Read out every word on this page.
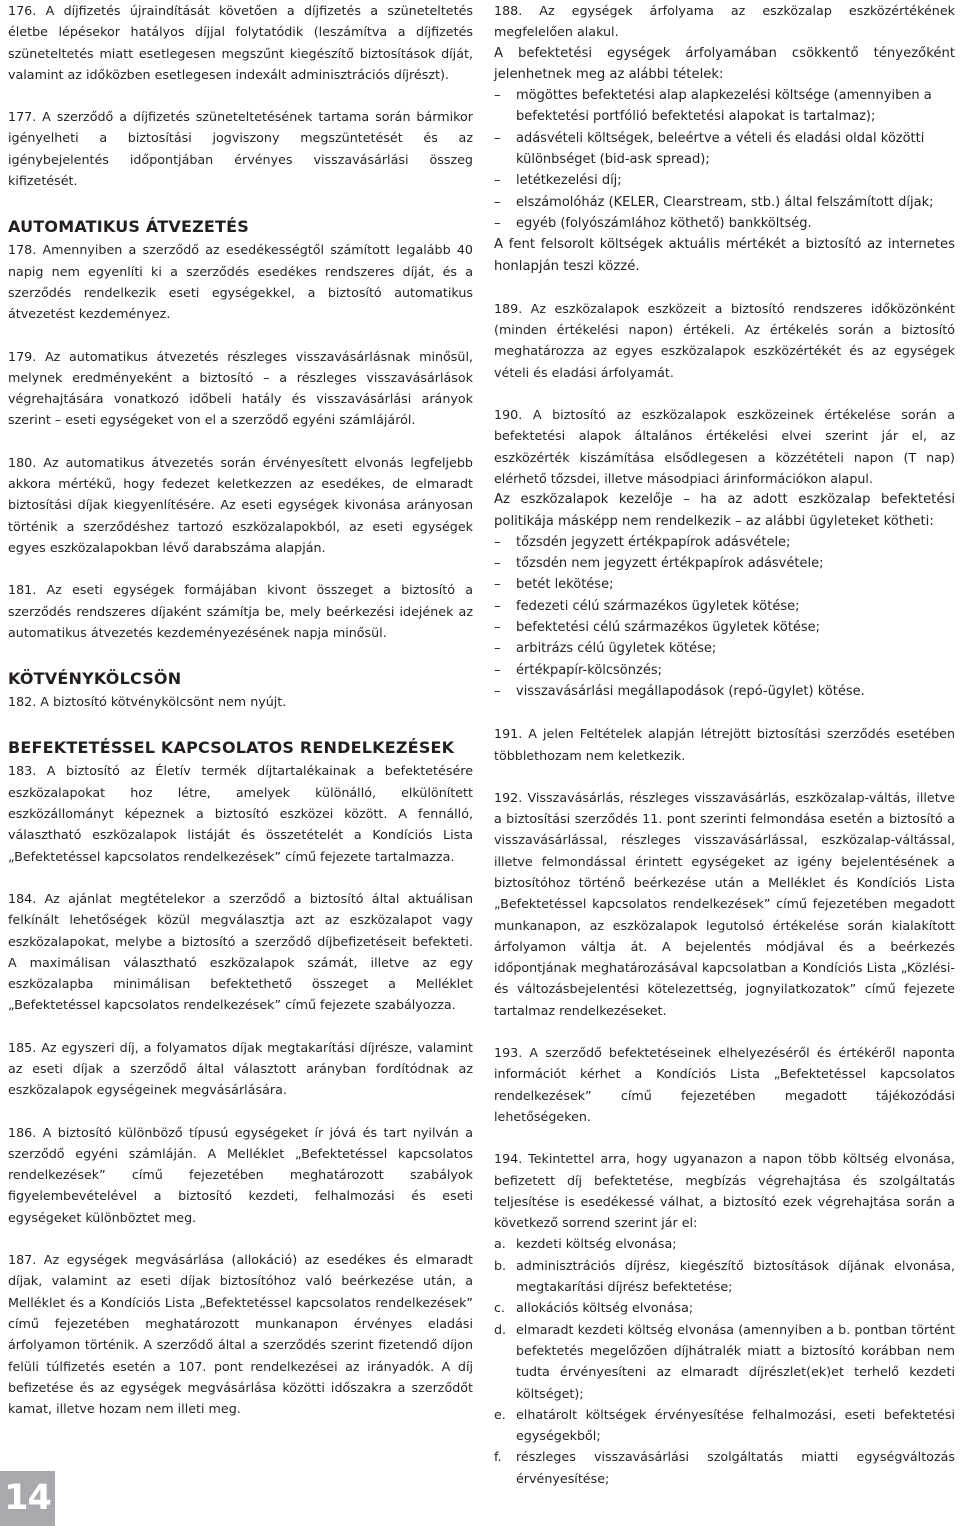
176. A díjfizetés újraindítását követően a díjfizetés a szüneteltetés életbe lépésekor hatályos díjjal folytatódik (leszámítva a díjfizetés szüneteltetés miatt esetlegesen megszűnt kiegészítő biztosítások díját, valamint az időközben esetlegesen indexált adminisztrációs díjrészt).

177. A szerződő a díjfizetés szüneteltetésének tartama során bármikor igényelheti a biztosítási jogviszony megszüntetését és az igénybejelentés időpontjában érvényes visszavásárlási összeg kifizetését.

AUTOMATIKUS ÁTVEZETÉS

178. Amennyiben a szerződő az esedékességtől számított legalább 40 napig nem egyenlíti ki a szerződés esedékes rendszeres díját, és a szerződés rendelkezik eseti egységekkel, a biztosító automatikus átvezetést kezdeményez.

179. Az automatikus átvezetés részleges visszavásárlásnak minősül, melynek eredményeként a biztosító – a részleges visszavásárlások végrehajtására vonatkozó időbeli hatály és visszavásárlási arányok szerint – eseti egységeket von el a szerződő egyéni számlájáról.

180. Az automatikus átvezetés során érvényesített elvonás legfeljebb akkora mértékű, hogy fedezet keletkezzen az esedékes, de elmaradt biztosítási díjak kiegyenlítésére. Az eseti egységek kivonása arányosan történik a szerződéshez tartozó eszközalapokból, az eseti egységek egyes eszközalapokban lévő darabszáma alapján.

181. Az eseti egységek formájában kivont összeget a biztosító a szerződés rendszeres díjaként számítja be, mely beérkezési idejének az automatikus átvezetés kezdeményezésének napja minősül.

KÖTVÉNYKÖLCSÖN

182. A biztosító kötvénykölcsönt nem nyújt.

BEFEKTETÉSSEL KAPCSOLATOS RENDELKEZÉSEK

183. A biztosító az Életív termék díjtartalékainak a befektetésére eszközalapokat hoz létre, amelyek különálló, elkülönített eszközállományt képeznek a biztosító eszközei között. A fennálló, választható eszközalapok listáját és összetételét a Kondíciós Lista „Befektetéssel kapcsolatos rendelkezések” című fejezete tartalmazza.

184. Az ajánlat megtételekor a szerződő a biztosító által aktuálisan felkínált lehetőségek közül megválasztja azt az eszközalapot vagy eszközalapokat, melybe a biztosító a szerződő díjbefizetéseit befekteti. A maximálisan választható eszközalapok számát, illetve az egy eszközalapba minimálisan befektethető összeget a Melléklet „Befektetéssel kapcsolatos rendelkezések” című fejezete szabályozza.

185. Az egyszeri díj, a folyamatos díjak megtakarítási díjrésze, valamint az eseti díjak a szerződő által választott arányban fordítódnak az eszközalapok egységeinek megvásárlására.

186. A biztosító különböző típusú egységeket ír jóvá és tart nyilván a szerződő egyéni számláján. A Melléklet „Befektetéssel kapcsolatos rendelkezések” című fejezetében meghatározott szabályok figyelembevételével a biztosító kezdeti, felhalmozási és eseti egységeket különböztet meg.

187. Az egységek megvásárlása (allokáció) az esedékes és elmaradt díjak, valamint az eseti díjak biztosítóhoz való beérkezése után, a Melléklet és a Kondíciós Lista „Befektetéssel kapcsolatos rendelkezések” című fejezetében meghatározott munkanapon érvényes eladási árfolyamon történik. A szerződő által a szerződés szerint fizetendő díjon felüli túlfizetés esetén a 107. pont rendelkezései az irányadók. A díj befizetése és az egységek megvásárlása közötti időszakra a szerződőt kamat, illetve hozam nem illeti meg.

188. Az egységek árfolyama az eszközalap eszközértékének megfelelően alakul.

A befektetési egységek árfolyamában csökkentő tényezőként jelenhetnek meg az alábbi tételek:

– mögöttes befektetési alap alapkezelési költsége (amennyiben a befektetési portfólió befektetési alapokat is tartalmaz);
– adásvételi költségek, beleértve a vételi és eladási oldal közötti különbséget (bid-ask spread);
– letétkezelési díj;
– elszámolóház (KELER, Clearstream, stb.) által felszámított díjak;
– egyéb (folyószámlához köthető) bankköltség.

A fent felsorolt költségek aktuális mértékét a biztosító az internetes honlapján teszi közzé.

189. Az eszközalapok eszközeit a biztosító rendszeres időközönként (minden értékelési napon) értékeli. Az értékelés során a biztosító meghatározza az egyes eszközalapok eszközértékét és az egységek vételi és eladási árfolyamát.

190. A biztosító az eszközalapok eszközeinek értékelése során a befektetési alapok általános értékelési elvei szerint jár el, az eszközérték kiszámítása elsődlegesen a közzétételi napon (T nap) elérhető tőzsdei, illetve másodpiaci árinformációkon alapul.

Az eszközalapok kezelője – ha az adott eszközalap befektetési politikája másképp nem rendelkezik – az alábbi ügyleteket kötheti:

– tőzsdén jegyzett értékpapírok adásvétele;
– tőzsdén nem jegyzett értékpapírok adásvétele;
– betét lekötése;
– fedezeti célú származékos ügyletek kötése;
– befektetési célú származékos ügyletek kötése;
– arbitrázs célú ügyletek kötése;
– értékpapír-kölcsönzés;
– visszavásárlási megállapodások (repó-ügylet) kötése.

191. A jelen Feltételek alapján létrejött biztosítási szerződés esetében többlethozam nem keletkezik.

192. Visszavásárlás, részleges visszavásárlás, eszközalap-váltás, illetve a biztosítási szerződés 11. pont szerinti felmondása esetén a biztosító a visszavásárlással, részleges visszavásárlással, eszközalap-váltással, illetve felmondással érintett egységeket az igény bejelentésének a biztosítóhoz történő beérkezése után a Melléklet és Kondíciós Lista „Befektetéssel kapcsolatos rendelkezések” című fejezetében megadott munkanapon, az eszközalapok legutolsó értékelése során kialakított árfolyamon váltja át. A bejelentés módjával és a beérkezés időpontjának meghatározásával kapcsolatban a Kondíciós Lista „Közlési- és változásbejelentési kötelezettség, jognyilatkozatok” című fejezete tartalmaz rendelkezéseket.

193. A szerződő befektetéseinek elhelyezéséről és értékéről naponta információt kérhet a Kondíciós Lista „Befektetéssel kapcsolatos rendelkezések” című fejezetében megadott tájékozódási lehetőségeken.

194. Tekintettel arra, hogy ugyanazon a napon több költség elvonása, befizetett díj befektetése, megbízás végrehajtása és szolgáltatás teljesítése is esedékessé válhat, a biztosító ezek végrehajtása során a következő sorrend szerint jár el:

a. kezdeti költség elvonása;
b. adminisztrációs díjrész, kiegészítő biztosítások díjának elvonása, megtakarítási díjrész befektetése;
c. allokációs költség elvonása;
d. elmaradt kezdeti költség elvonása (amennyiben a b. pontban történt befektetés megelőzően díjhátralék miatt a biztosító korábban nem tudta érvényesíteni az elmaradt díjrészlet(ek)et terhelő kezdeti költséget);
e. elhatárolt költségek érvényesítése felhalmozási, eseti befektetési egységekből;
f. részleges visszavásárlási szolgáltatás miatti egységváltozás érvényesítése;
14
